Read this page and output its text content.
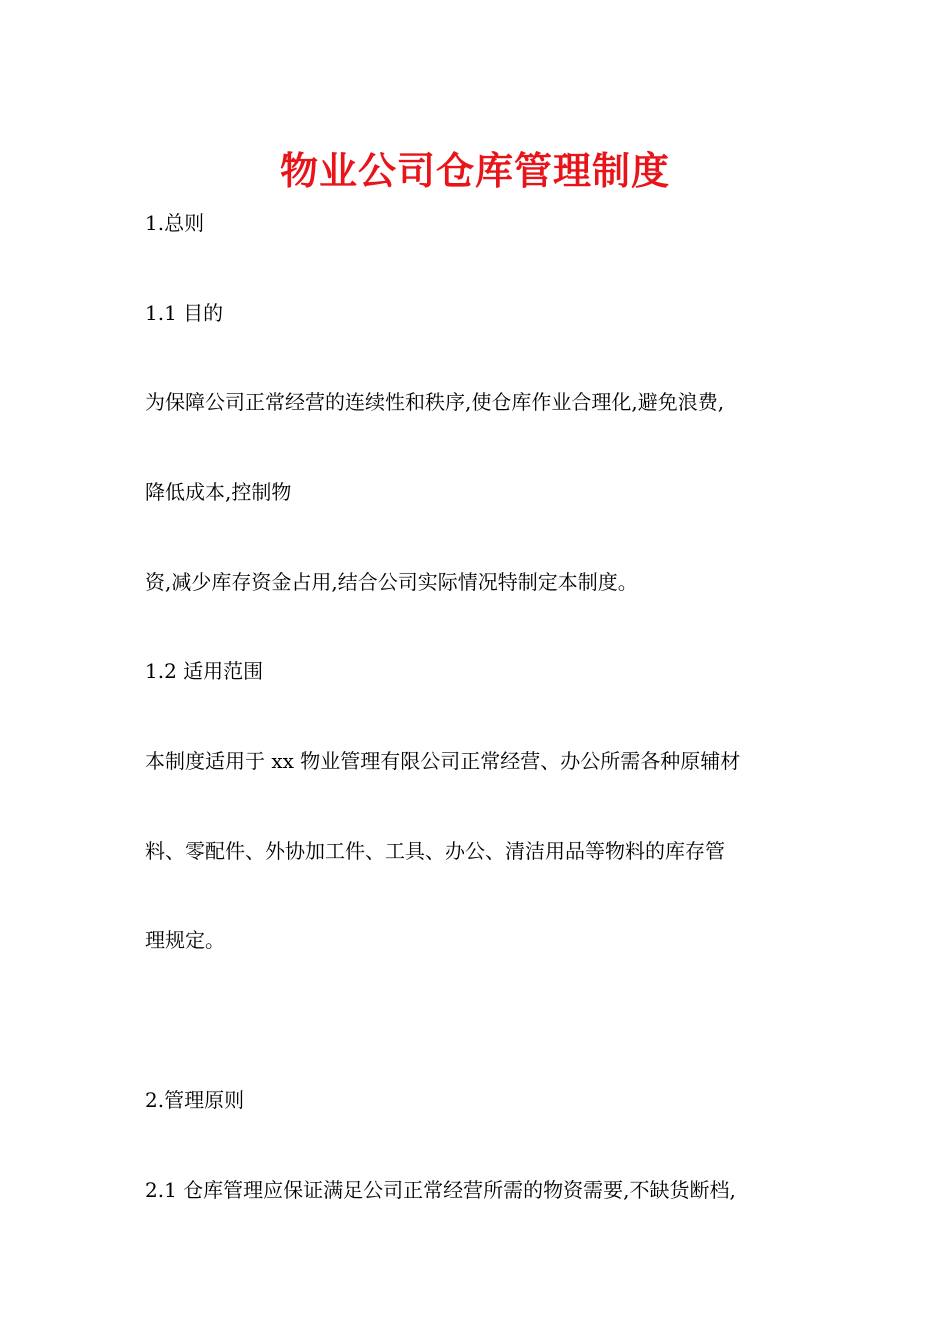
物业公司仓库管理制度
1.总则
1.1 目的
为保障公司正常经营的连续性和秩序,使仓库作业合理化,避免浪费,
降低成本,控制物
资,减少库存资金占用,结合公司实际情况特制定本制度。
1.2 适用范围
本制度适用于 xx 物业管理有限公司正常经营、办公所需各种原辅材
料、零配件、外协加工件、工具、办公、清洁用品等物料的库存管
理规定。
2.管理原则
2.1 仓库管理应保证满足公司正常经营所需的物资需要,不缺货断档,
